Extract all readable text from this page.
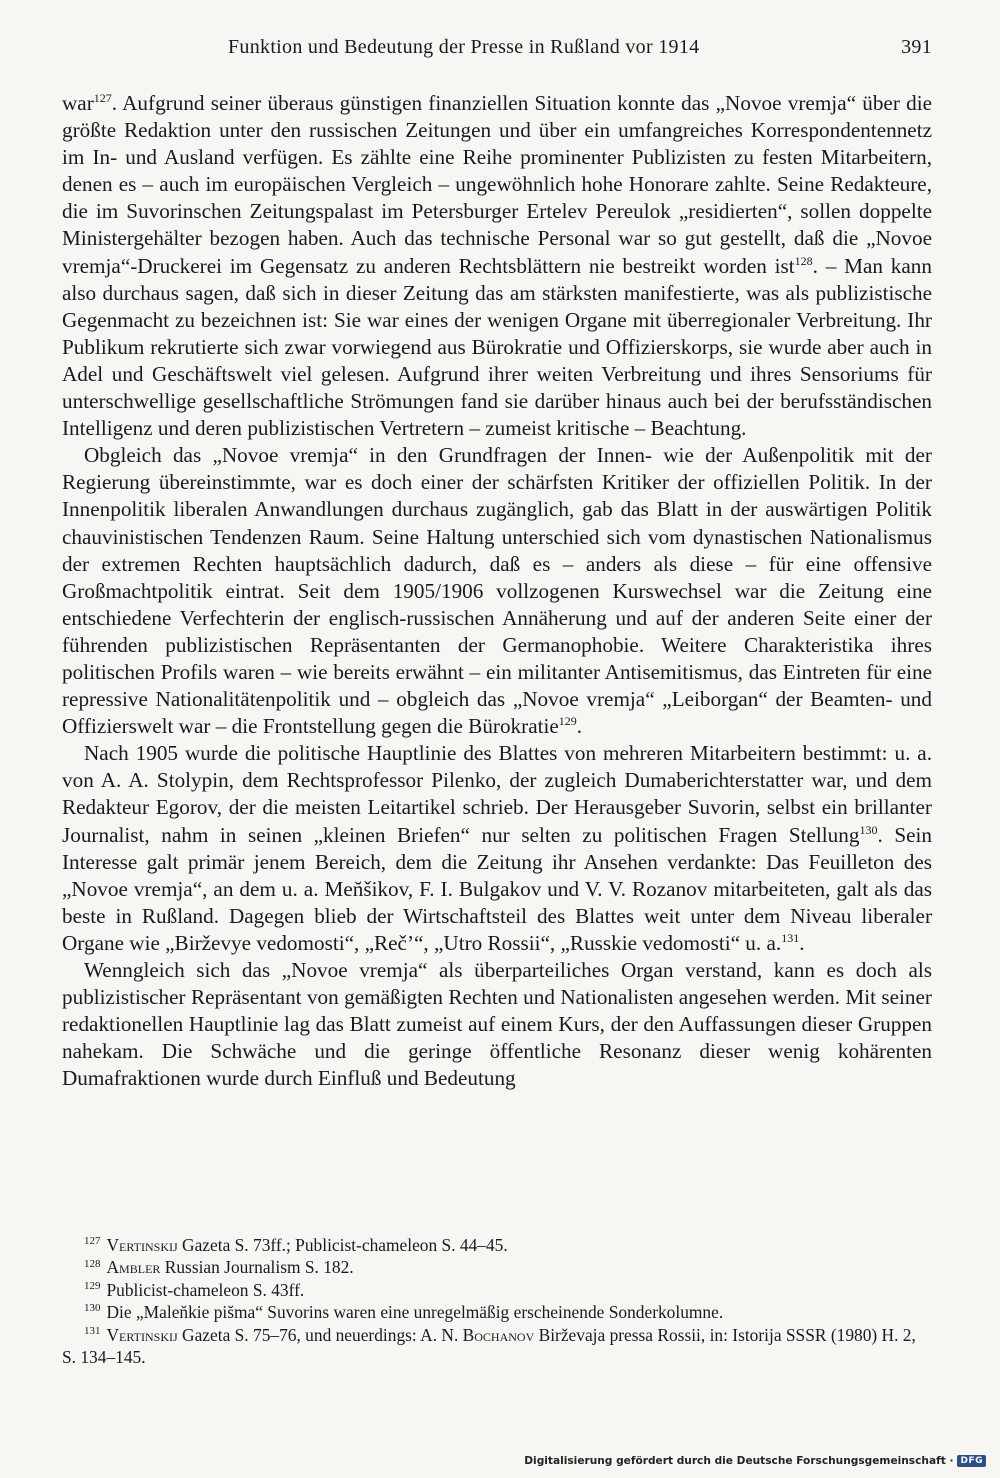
Funktion und Bedeutung der Presse in Rußland vor 1914	391

war$^{127}$. Aufgrund seiner überaus günstigen finanziellen Situation konnte das „Novoe vremja“ über die größte Redaktion unter den russischen Zeitungen und über ein umfangreiches Korrespondentennetz im In- und Ausland verfügen. Es zählte eine Reihe prominenter Publizisten zu festen Mitarbeitern, denen es – auch im europäischen Vergleich – ungewöhnlich hohe Honorare zahlte. Seine Redakteure, die im Suvorinschen Zeitungspalast im Petersburger Ertelev Pereulok „residierten“, sollen doppelte Ministergehälter bezogen haben. Auch das technische Personal war so gut gestellt, daß die „Novoe vremja“-Druckerei im Gegensatz zu anderen Rechtsblättern nie bestreikt worden ist$^{128}$. – Man kann also durchaus sagen, daß sich in dieser Zeitung das am stärksten manifestierte, was als publizistische Gegenmacht zu bezeichnen ist: Sie war eines der wenigen Organe mit überregionaler Verbreitung. Ihr Publikum rekrutierte sich zwar vorwiegend aus Bürokratie und Offizierskorps, sie wurde aber auch in Adel und Geschäftswelt viel gelesen. Aufgrund ihrer weiten Verbreitung und ihres Sensoriums für unterschwellige gesellschaftliche Strömungen fand sie darüber hinaus auch bei der berufsständischen Intelligenz und deren publizistischen Vertretern – zumeist kritische – Beachtung.

Obgleich das „Novoe vremja“ in den Grundfragen der Innen- wie der Außenpolitik mit der Regierung übereinstimmte, war es doch einer der schärfsten Kritiker der offiziellen Politik. In der Innenpolitik liberalen Anwandlungen durchaus zugänglich, gab das Blatt in der auswärtigen Politik chauvinistischen Tendenzen Raum. Seine Haltung unterschied sich vom dynastischen Nationalismus der extremen Rechten hauptsächlich dadurch, daß es – anders als diese – für eine offensive Großmachtpolitik eintrat. Seit dem 1905/1906 vollzogenen Kurswechsel war die Zeitung eine entschiedene Verfechterin der englisch-russischen Annäherung und auf der anderen Seite einer der führenden publizistischen Repräsentanten der Germanophobie. Weitere Charakteristika ihres politischen Profils waren – wie bereits erwähnt – ein militanter Antisemitismus, das Eintreten für eine repressive Nationalitätenpolitik und – obgleich das „Novoe vremja“ „Leiborgan“ der Beamten- und Offizierswelt war – die Frontstellung gegen die Bürokratie$^{129}$.

Nach 1905 wurde die politische Hauptlinie des Blattes von mehreren Mitarbeitern bestimmt: u. a. von A. A. Stolypin, dem Rechtsprofessor Pilenko, der zugleich Dumaberichterstatter war, und dem Redakteur Egorov, der die meisten Leitartikel schrieb. Der Herausgeber Suvorin, selbst ein brillanter Journalist, nahm in seinen „kleinen Briefen“ nur selten zu politischen Fragen Stellung$^{130}$. Sein Interesse galt primär jenem Bereich, dem die Zeitung ihr Ansehen verdankte: Das Feuilleton des „Novoe vremja“, an dem u. a. Men̆šikov, F. I. Bulgakov und V. V. Rozanov mitarbeiteten, galt als das beste in Rußland. Dagegen blieb der Wirtschaftsteil des Blattes weit unter dem Niveau liberaler Organe wie „Birževye vedomosti“, „Reč’“, „Utro Rossii“, „Russkie vedomosti“ u. a.$^{131}$.

Wenngleich sich das „Novoe vremja“ als überparteiliches Organ verstand, kann es doch als publizistischer Repräsentant von gemäßigten Rechten und Nationalisten angesehen werden. Mit seiner redaktionellen Hauptlinie lag das Blatt zumeist auf einem Kurs, der den Auffassungen dieser Gruppen nahekam. Die Schwäche und die geringe öffentliche Resonanz dieser wenig kohärenten Dumafraktionen wurde durch Einfluß und Bedeutung

$^{127}$ Vertinskij Gazeta S. 73ff.; Publicist-chameleon S. 44–45.

$^{128}$ Ambler Russian Journalism S. 182.

$^{129}$ Publicist-chameleon S. 43ff.

$^{130}$ Die „Malen̆kie pis̆ma“ Suvorins waren eine unregelmäßig erscheinende Sonderkolumne.

$^{131}$ Vertinskij Gazeta S. 75–76, und neuerdings: A. N. Bochanov Birževaja pressa Rossii, in: Istorija SSSR (1980) H. 2, S. 134–145.

Digitalisierung gefördert durch die Deutsche Forschungsgemeinschaft · DFG
